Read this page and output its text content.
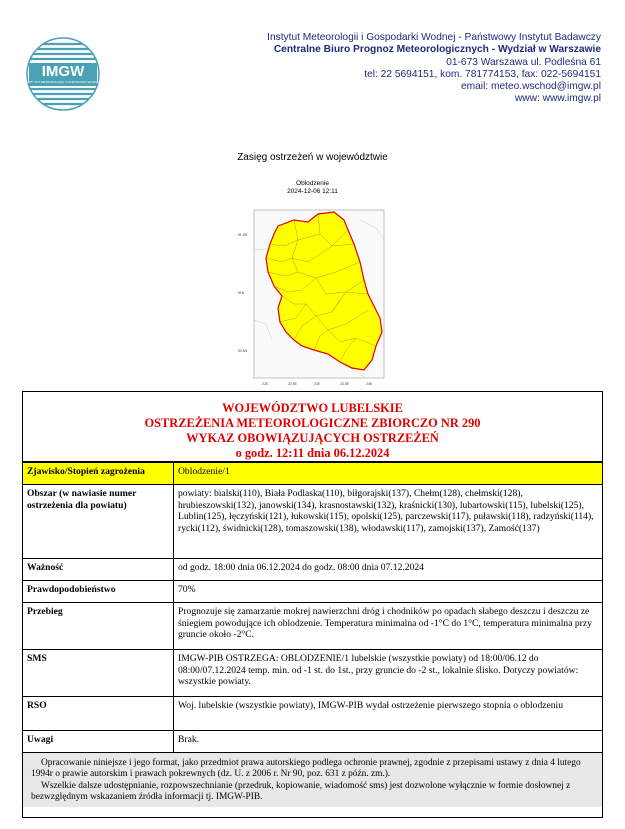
IMGW
INSTYTUT METEOROLOGII I GOSPODARKI WODNEJ
Instytut Meteorologii i Gospodarki Wodnej - Państwowy Instytut Badawczy
Centralne Biuro Prognoz Meteorologicznych - Wydział w Warszawie
01-673 Warszawa ul. Podleśna 61
tel: 22 5694151, kom. 781774153, fax: 022-5694151
email: meteo.wschod@imgw.pl
www: www.imgw.pl
Zasięg ostrzeżeń w województwie
Oblodzenie
2024-12-06 12:11
51.5N
51N
50.5N
22E	22.5E	23E	23.5E	24E
WOJEWÓDZTWO LUBELSKIE
OSTRZEŻENIA METEOROLOGICZNE ZBIORCZO NR 290
WYKAZ OBOWIĄZUJĄCYCH OSTRZEŻEŃ
o godz. 12:11 dnia 06.12.2024
Zjawisko/Stopień zagrożenia	Oblodzenie/1
Obszar (w nawiasie numer ostrzeżenia dla powiatu)	powiaty: bialski(110), Biała Podlaska(110), biłgorajski(137), Chełm(128), chełmski(128), hrubieszowski(132), janowski(134), krasnostawski(132), kraśnicki(130), lubartowski(115), lubelski(125), Lublin(125), łęczyński(121), łukowski(115), opolski(125), parczewski(117), puławski(118), radzyński(114), rycki(112), świdnicki(128), tomaszowski(138), włodawski(117), zamojski(137), Zamość(137)
Ważność	od godz. 18:00 dnia 06.12.2024 do godz. 08:00 dnia 07.12.2024
Prawdopodobieństwo	70%
Przebieg	Prognozuje się zamarzanie mokrej nawierzchni dróg i chodników po opadach słabego deszczu i deszczu ze śniegiem powodujące ich oblodzenie. Temperatura minimalna od -1°C do 1°C, temperatura minimalna przy gruncie około -2°C.
SMS	IMGW-PIB OSTRZEGA: OBLODZENIE/1 lubelskie (wszystkie powiaty) od 18:00/06.12 do 08:00/07.12.2024 temp. min. od -1 st. do 1st., przy gruncie do -2 st., lokalnie ślisko. Dotyczy powiatów: wszystkie powiaty.
RSO	Woj. lubelskie (wszystkie powiaty), IMGW-PIB wydał ostrzeżenie pierwszego stopnia o oblodzeniu
Uwagi	Brak.
Opracowanie niniejsze i jego format, jako przedmiot prawa autorskiego podlega ochronie prawnej, zgodnie z przepisami ustawy z dnia 4 lutego 1994r o prawie autorskim i prawach pokrewnych (dz. U. z 2006 r. Nr 90, poz. 631 z późn. zm.).
Wszelkie dalsze udostępnianie, rozpowszechnianie (przedruk, kopiowanie, wiadomość sms) jest dozwolone wyłącznie w formie dosłownej z bezwzględnym wskazaniem źródła informacji tj. IMGW-PIB.
